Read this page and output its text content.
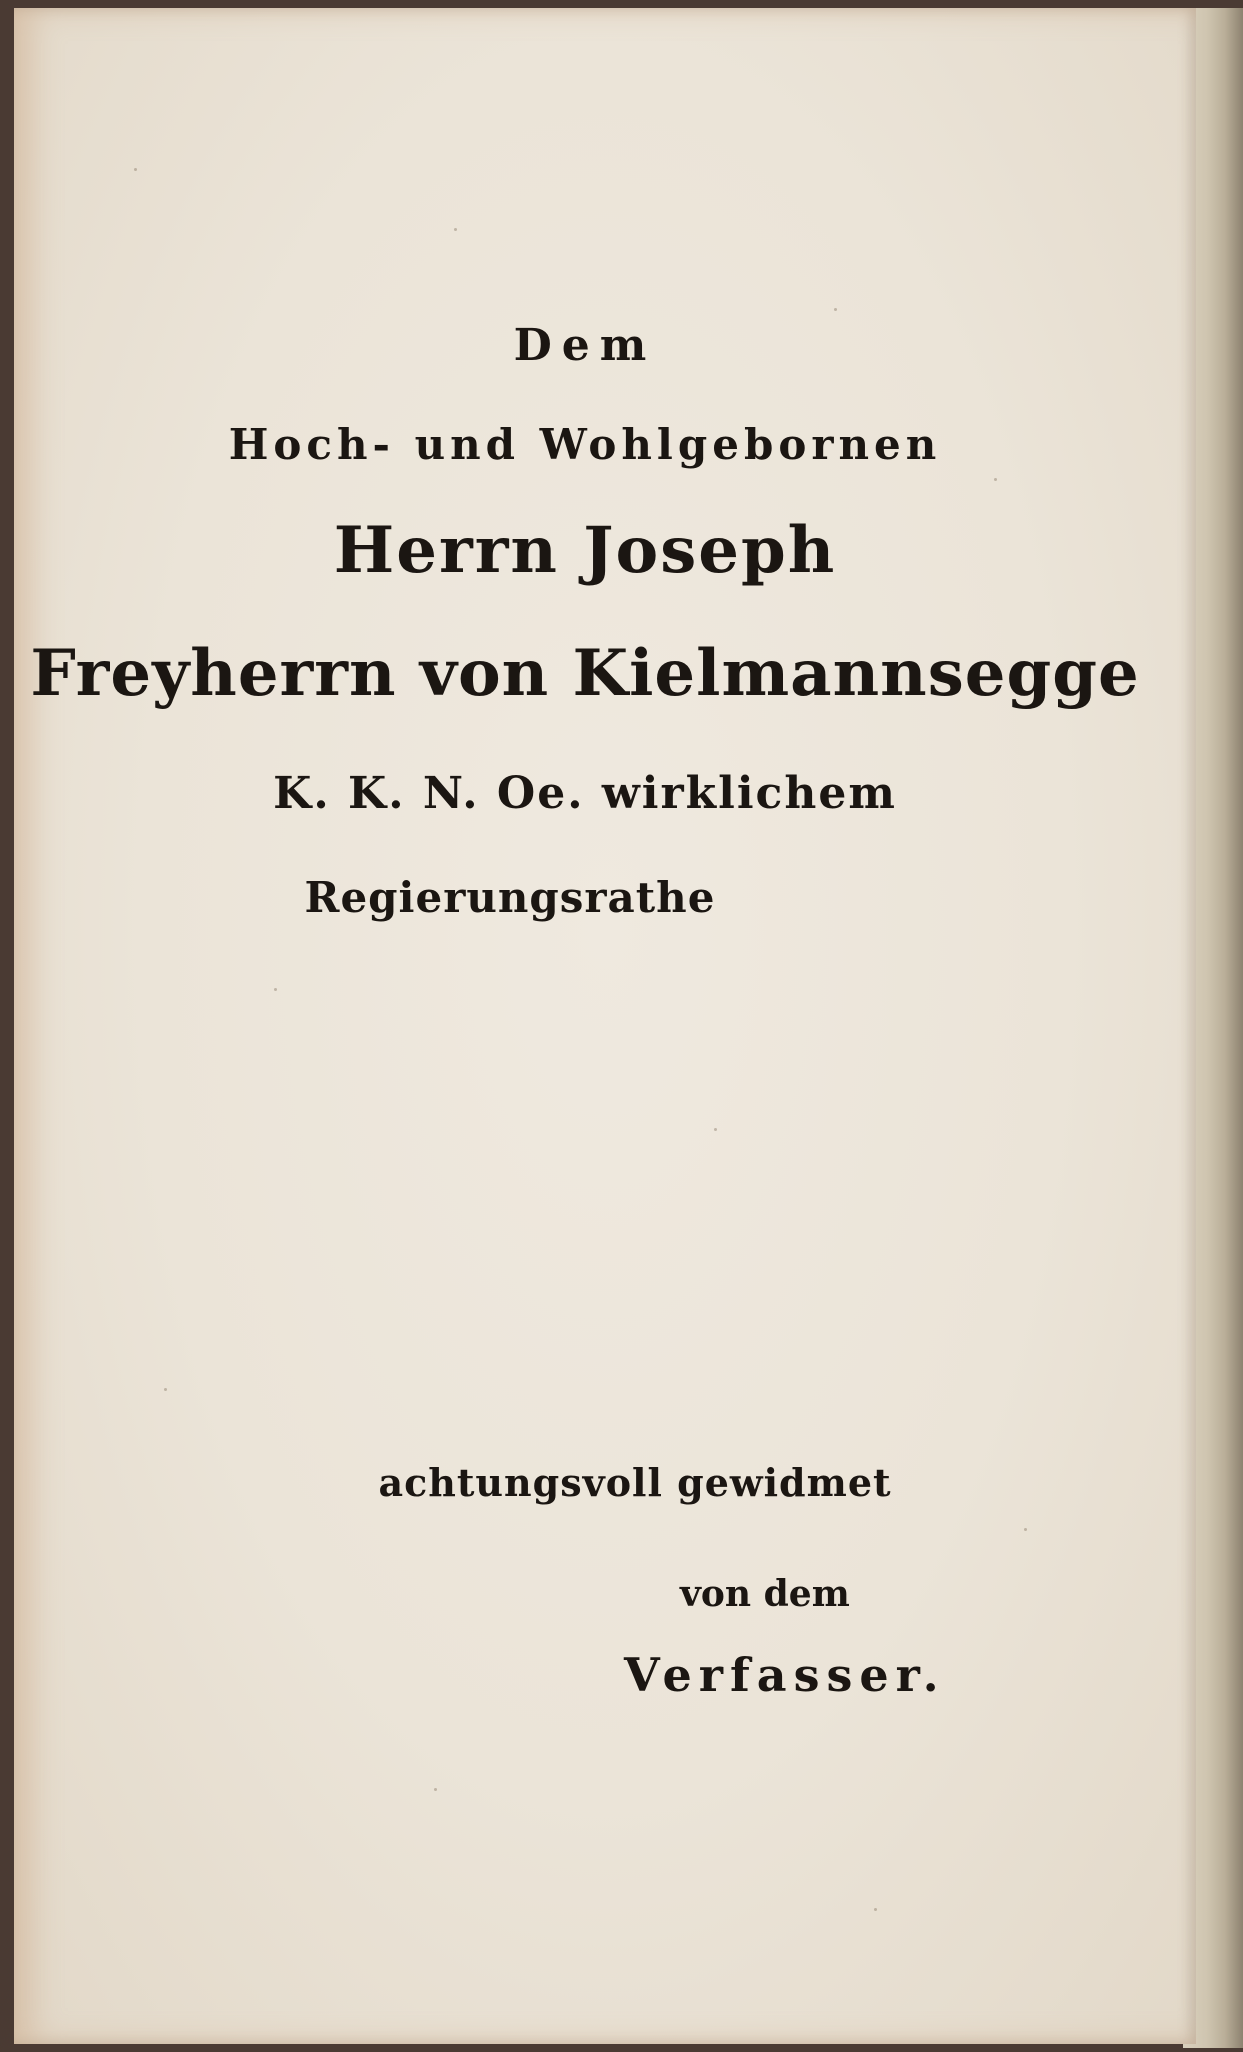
Dem
Hoch- und Wohlgebornen
Herrn Joseph
Freyherrn von Kielmannsegge
K. K. N. Oe. wirklichem
Regierungsrathe
achtungsvoll gewidmet
von dem
Verfasser.
